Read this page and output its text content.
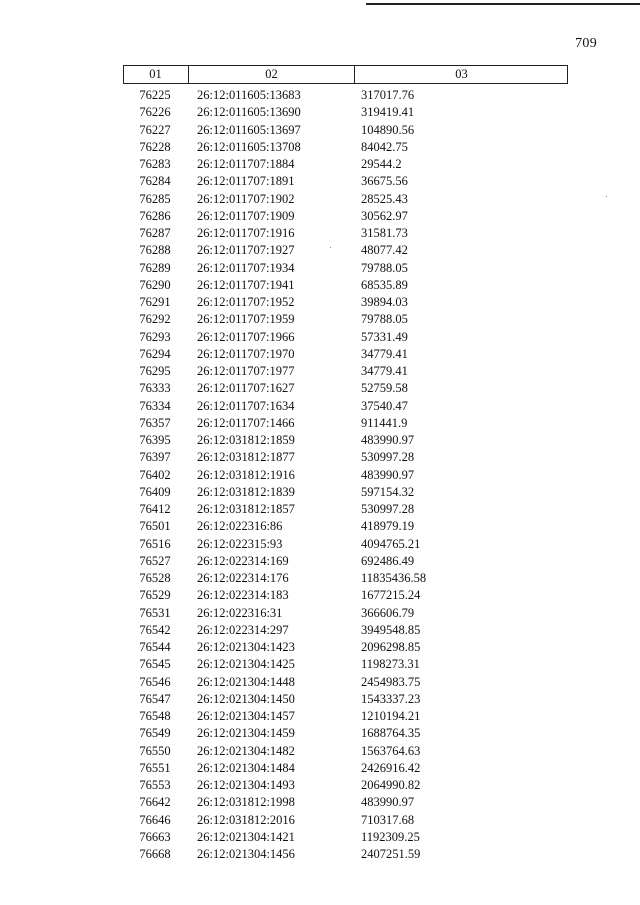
709
01	02	03
76225	26:12:011605:13683	317017.76
76226	26:12:011605:13690	319419.41
76227	26:12:011605:13697	104890.56
76228	26:12:011605:13708	84042.75
76283	26:12:011707:1884	29544.2
76284	26:12:011707:1891	36675.56
76285	26:12:011707:1902	28525.43
76286	26:12:011707:1909	30562.97
76287	26:12:011707:1916	31581.73
76288	26:12:011707:1927	48077.42
76289	26:12:011707:1934	79788.05
76290	26:12:011707:1941	68535.89
76291	26:12:011707:1952	39894.03
76292	26:12:011707:1959	79788.05
76293	26:12:011707:1966	57331.49
76294	26:12:011707:1970	34779.41
76295	26:12:011707:1977	34779.41
76333	26:12:011707:1627	52759.58
76334	26:12:011707:1634	37540.47
76357	26:12:011707:1466	911441.9
76395	26:12:031812:1859	483990.97
76397	26:12:031812:1877	530997.28
76402	26:12:031812:1916	483990.97
76409	26:12:031812:1839	597154.32
76412	26:12:031812:1857	530997.28
76501	26:12:022316:86	418979.19
76516	26:12:022315:93	4094765.21
76527	26:12:022314:169	692486.49
76528	26:12:022314:176	11835436.58
76529	26:12:022314:183	1677215.24
76531	26:12:022316:31	366606.79
76542	26:12:022314:297	3949548.85
76544	26:12:021304:1423	2096298.85
76545	26:12:021304:1425	1198273.31
76546	26:12:021304:1448	2454983.75
76547	26:12:021304:1450	1543337.23
76548	26:12:021304:1457	1210194.21
76549	26:12:021304:1459	1688764.35
76550	26:12:021304:1482	1563764.63
76551	26:12:021304:1484	2426916.42
76553	26:12:021304:1493	2064990.82
76642	26:12:031812:1998	483990.97
76646	26:12:031812:2016	710317.68
76663	26:12:021304:1421	1192309.25
76668	26:12:021304:1456	2407251.59
